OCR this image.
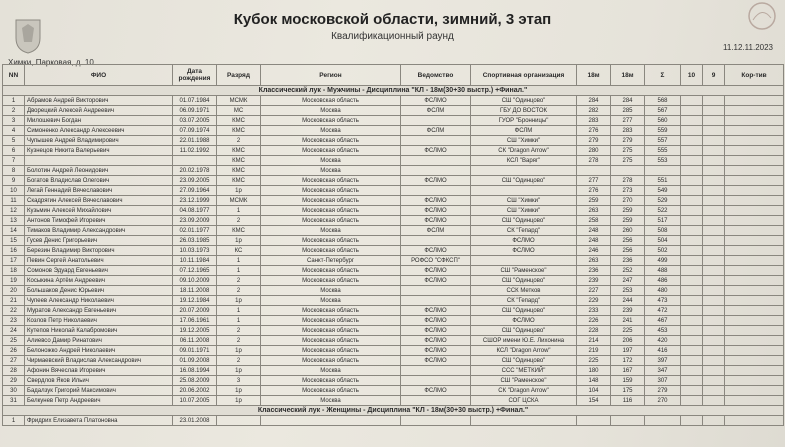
Кубок московской области, зимний, 3 этап
Квалификационный раунд
Химки, Парковая, д. 10
11.12.11.2023
NN	ФИО	Дата рождения	Разряд	Регион	Ведомство	Спортивная организация	18м	18м	Σ	10	9	Кор-тив
Классический лук - Мужчины - Дисциплина "КЛ - 18м(30+30 выстр.) +Финал."												
1	Абрамов Андрей Викторович	01.07.1984	МСМК	Московская область	ФСЛМО	СШ "Одинцово"	284	284	568			
2	Дворецкий Алексей Андреевич	06.09.1971	МС	Москва	ФСЛМ	ГБУ ДО ВОСТОК	282	285	567			
3	Милошевич Богдан	03.07.2005	КМС	Московская область		ГУОР "Бронницы"	283	277	560			
4	Симоненко Александр Алексеевич	07.09.1974	КМС	Москва	ФСЛМ	ФСЛМ	276	283	559			
5	Чупышев Андрей Владимирович	22.01.1988	2	Московская область		СШ "Химки"	279	279	557			
6	Кузнецов Никита Валерьевич	11.02.1992	КМС	Московская область	ФСЛМО	СК "Dragon Arrow"	280	275	555			
7			КМС	Москва		КСЛ "Варяг"	278	275	553			
8	Болотин Андрей Леонидович	20.02.1978	КМС	Москва								
9	Богатов Владислав Олегович	23.09.2005	КМС	Московская область	ФСЛМО	СШ "Одинцово"	277	278	551			
10	Легай Геннадий Вячеславович	27.09.1964	1р	Московская область			276	273	549			
11	Скадрягин Алексей Вячеславович	23.12.1999	МСМК	Московская область	ФСЛМО	СШ "Химки"	259	270	529			
12	Кузьмин Алексей Михайлович	04.08.1977	1	Московская область	ФСЛМО	СШ "Химки"	263	259	522			
13	Антонов Тимофей Игоревич	23.09.2009	2	Московская область	ФСЛМО	СШ "Одинцово"	258	259	517			
14	Тимаков Владимир Александрович	02.01.1977	КМС	Москва	ФСЛМ	СК "Гепард"	248	260	508			
15	Гусев Денис Григорьевич	26.03.1985	1р	Московская область		ФСЛМО	248	256	504			
16	Березин Владимир Викторович	10.03.1973	КС	Московская область	ФСЛМО	ФСЛМО	246	256	502			
17	Певин Сергей Анатольевич	10.11.1984	1	Санкт-Петербург	РОФСО "СФКСП"		263	236	499			
18	Сомонов Эдуард Евгеньевич	07.12.1965	1	Московская область	ФСЛМО	СШ "Раменское"	236	252	488			
19	Косыкина Артём Андреевич	09.10.2009	2	Московская область	ФСЛМО	СШ "Одинцово"	239	247	486			
20	Большаков Денис Юрьевич	18.11.2008	2	Москва		ССК Метков	227	253	480			
21	Чупеев Александр Николаевич	19.12.1984	1р	Москва		СК "Гепард"	229	244	473			
22	Муратов Александр Евгеньевич	20.07.2009	1	Московская область	ФСЛМО	СШ "Одинцово"	233	239	472			
23	Козлов Петр Николаевич	17.06.1961	1	Московская область	ФСЛМО	ФСЛМО	226	241	467			
24	Кутепов Николай Калабромович	19.12.2005	2	Московская область	ФСЛМО	СШ "Одинцово"	228	225	453			
25	Алиевсо Дамир Ринатович	06.11.2008	2	Московская область	ФСЛМО	СШОР имени Ю.Е. Лихонина	214	206	420			
26	Белоножко Андрей Николаевич	09.01.1971	1р	Московская область	ФСЛМО	КСЛ "Dragon Arrow"	219	197	416			
27	Чирмаевский Владислав Александрович	01.09.2008	2	Московская область	ФСЛМО	СШ "Одинцово"	225	172	397			
28	Афонин Вячеслав Игоревич	16.08.1994	1р	Москва		ССС "МЕТКИЙ"	180	167	347			
29	Свердлов Яков Ильич	25.08.2009	3	Московская область		СШ "Раменское"	148	159	307			
30	Бадалзук Григорий Максимович	20.06.2002	1р	Московская область	ФСЛМО	СК "Dragon Arrow"	104	175	279			
31	Белкунев Петр Андреевич	10.07.2005	1р	Москва		СОГ ЦСКА	154	116	270			
Классический лук - Женщины - Дисциплина "КЛ - 18м(30+30 выстр.) +Финал."												
1	Фридрих Елизавета Платоновна	23.01.2008										
